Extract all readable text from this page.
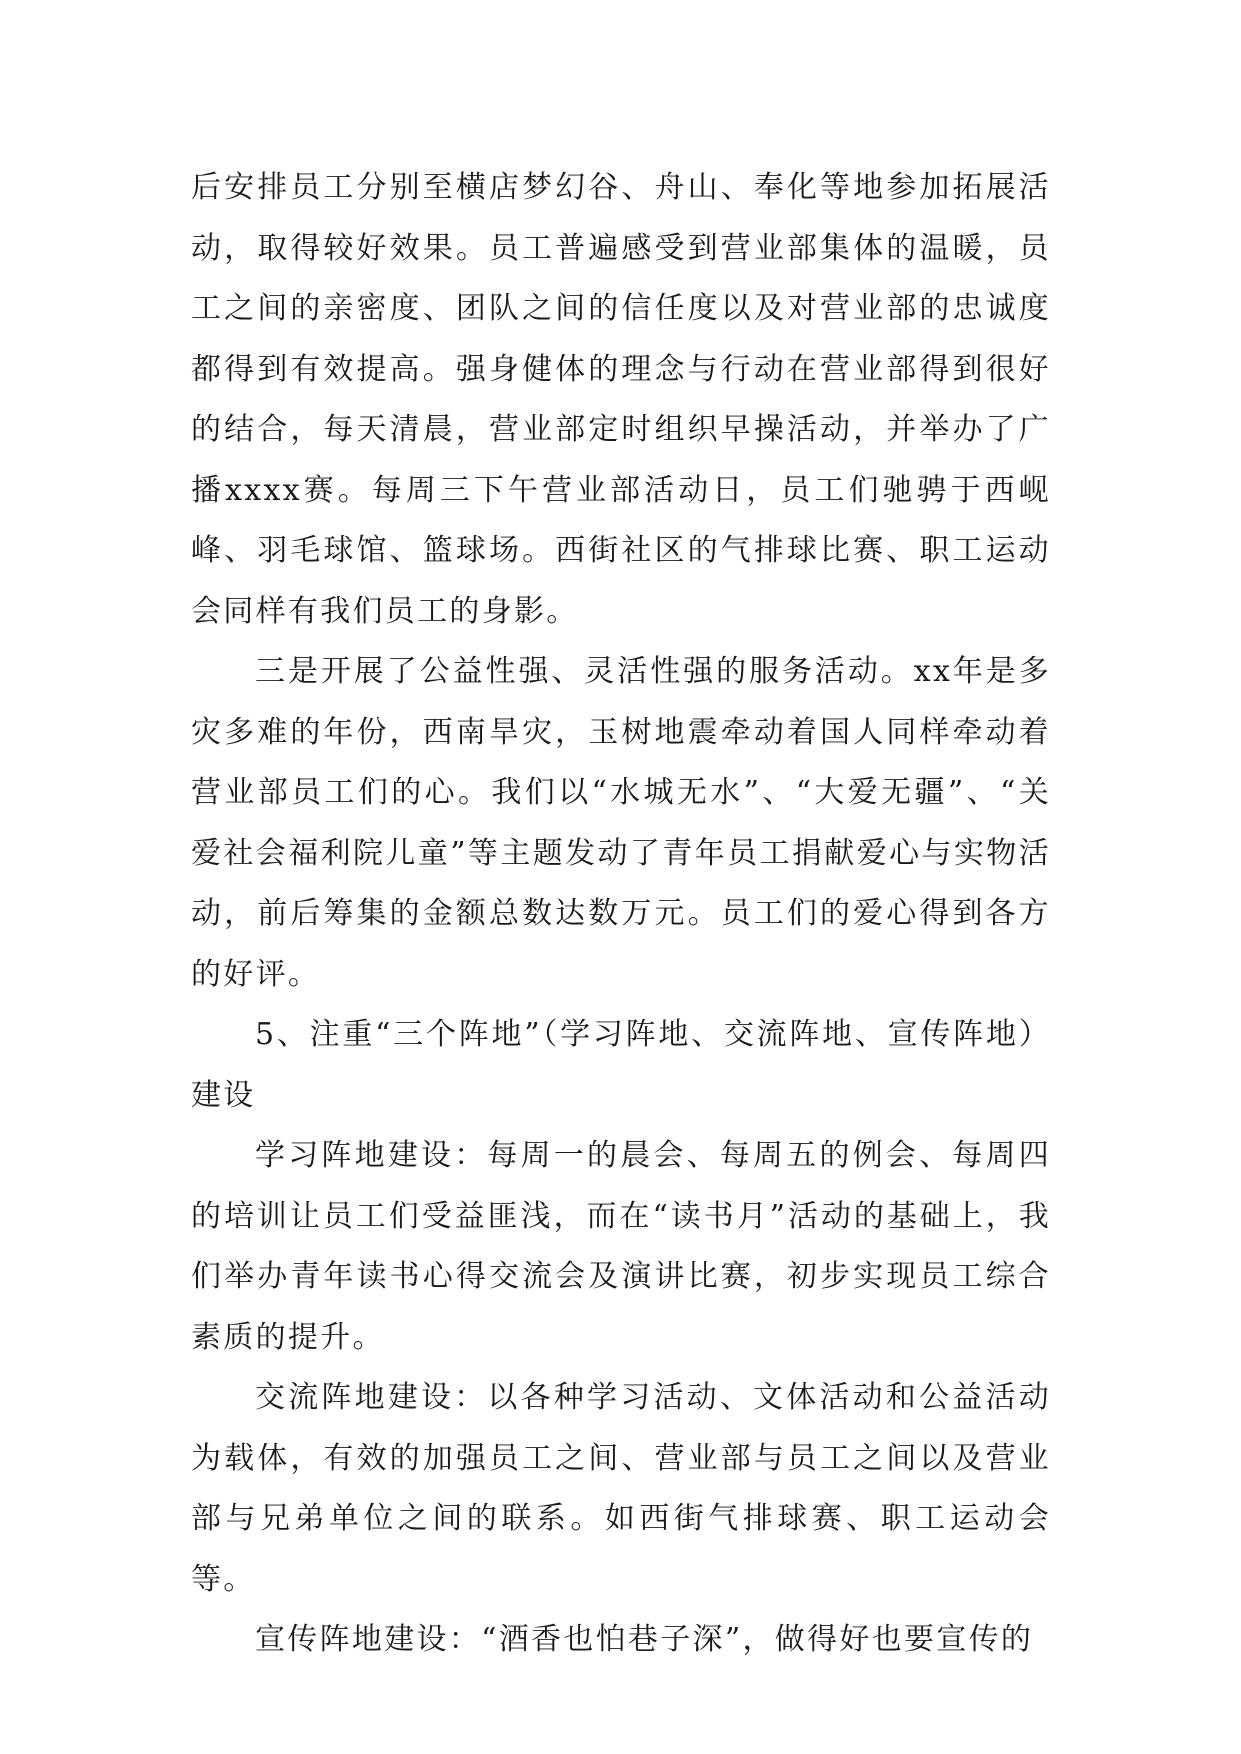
后安排员工分别至横店梦幻谷、舟山、奉化等地参加拓展活动，取得较好效果。员工普遍感受到营业部集体的温暖，员工之间的亲密度、团队之间的信任度以及对营业部的忠诚度都得到有效提高。强身健体的理念与行动在营业部得到很好的结合，每天清晨，营业部定时组织早操活动，并举办了广播xxxx赛。每周三下午营业部活动日，员工们驰骋于西岘峰、羽毛球馆、篮球场。西街社区的气排球比赛、职工运动会同样有我们员工的身影。

三是开展了公益性强、灵活性强的服务活动。xx年是多灾多难的年份，西南旱灾，玉树地震牵动着国人同样牵动着营业部员工们的心。我们以“水城无水”、“大爱无疆”、“关爱社会福利院儿童”等主题发动了青年员工捐献爱心与实物活动，前后筹集的金额总数达数万元。员工们的爱心得到各方的好评。

5、注重“三个阵地”（学习阵地、交流阵地、宣传阵地）建设

学习阵地建设：每周一的晨会、每周五的例会、每周四的培训让员工们受益匪浅，而在“读书月”活动的基础上，我们举办青年读书心得交流会及演讲比赛，初步实现员工综合素质的提升。

交流阵地建设：以各种学习活动、文体活动和公益活动为载体，有效的加强员工之间、营业部与员工之间以及营业部与兄弟单位之间的联系。如西街气排球赛、职工运动会等。

宣传阵地建设：“酒香也怕巷子深”，做得好也要宣传的
